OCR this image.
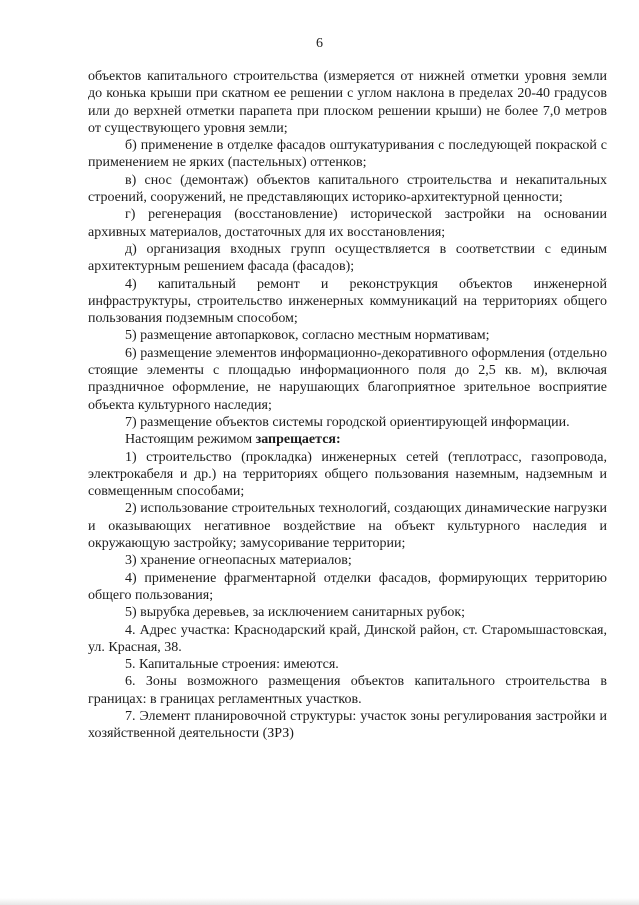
6

объектов капитального строительства (измеряется от нижней отметки уровня земли до конька крыши при скатном ее решении с углом наклона в пределах 20-40 градусов или до верхней отметки парапета при плоском решении крыши) не более 7,0 метров от существующего уровня земли;

б) применение в отделке фасадов оштукатуривания с последующей покраской с применением не ярких (пастельных) оттенков;

в) снос (демонтаж) объектов капитального строительства и некапитальных строений, сооружений, не представляющих историко-архитектурной ценности;

г) регенерация (восстановление) исторической застройки на основании архивных материалов, достаточных для их восстановления;

д) организация входных групп осуществляется в соответствии с единым архитектурным решением фасада (фасадов);

4) капитальный ремонт и реконструкция объектов инженерной инфраструктуры, строительство инженерных коммуникаций на территориях общего пользования подземным способом;

5) размещение автопарковок, согласно местным нормативам;

6) размещение элементов информационно-декоративного оформления (отдельно стоящие элементы с площадью информационного поля до 2,5 кв. м), включая праздничное оформление, не нарушающих благоприятное зрительное восприятие объекта культурного наследия;

7) размещение объектов системы городской ориентирующей информации.

Настоящим режимом запрещается:

1) строительство (прокладка) инженерных сетей (теплотрасс, газопровода, электрокабеля и др.) на территориях общего пользования наземным, надземным и совмещенным способами;

2) использование строительных технологий, создающих динамические нагрузки и оказывающих негативное воздействие на объект культурного наследия и окружающую застройку; замусоривание территории;

3) хранение огнеопасных материалов;

4) применение фрагментарной отделки фасадов, формирующих территорию общего пользования;

5) вырубка деревьев, за исключением санитарных рубок;

4. Адрес участка: Краснодарский край, Динской район, ст. Старомышастовская, ул. Красная, 38.

5. Капитальные строения: имеются.

6. Зоны возможного размещения объектов капитального строительства в границах: в границах регламентных участков.

7. Элемент планировочной структуры: участок зоны регулирования застройки и хозяйственной деятельности (ЗРЗ)
